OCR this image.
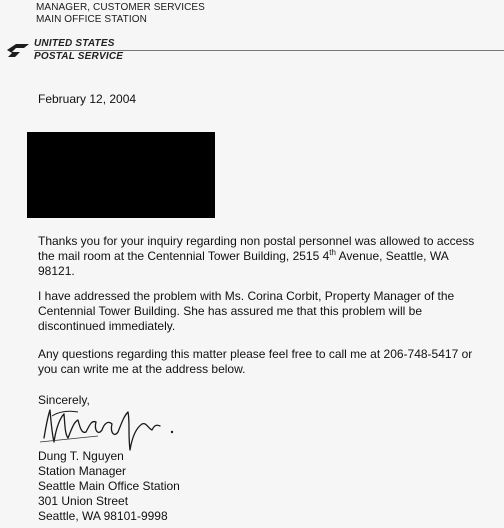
MANAGER, CUSTOMER SERVICES
MAIN OFFICE STATION
UNITED STATES
POSTAL SERVICE
February 12, 2004
Thanks you for your inquiry regarding non postal personnel was allowed to access
the mail room at the Centennial Tower Building, 2515 4th Avenue, Seattle, WA
98121.
I have addressed the problem with Ms. Corina Corbit, Property Manager of the
Centennial Tower Building. She has assured me that this problem will be
discontinued immediately.
Any questions regarding this matter please feel free to call me at 206-748-5417 or
you can write me at the address below.
Sincerely,
Dung T. Nguyen
Station Manager
Seattle Main Office Station
301 Union Street
Seattle, WA 98101-9998
